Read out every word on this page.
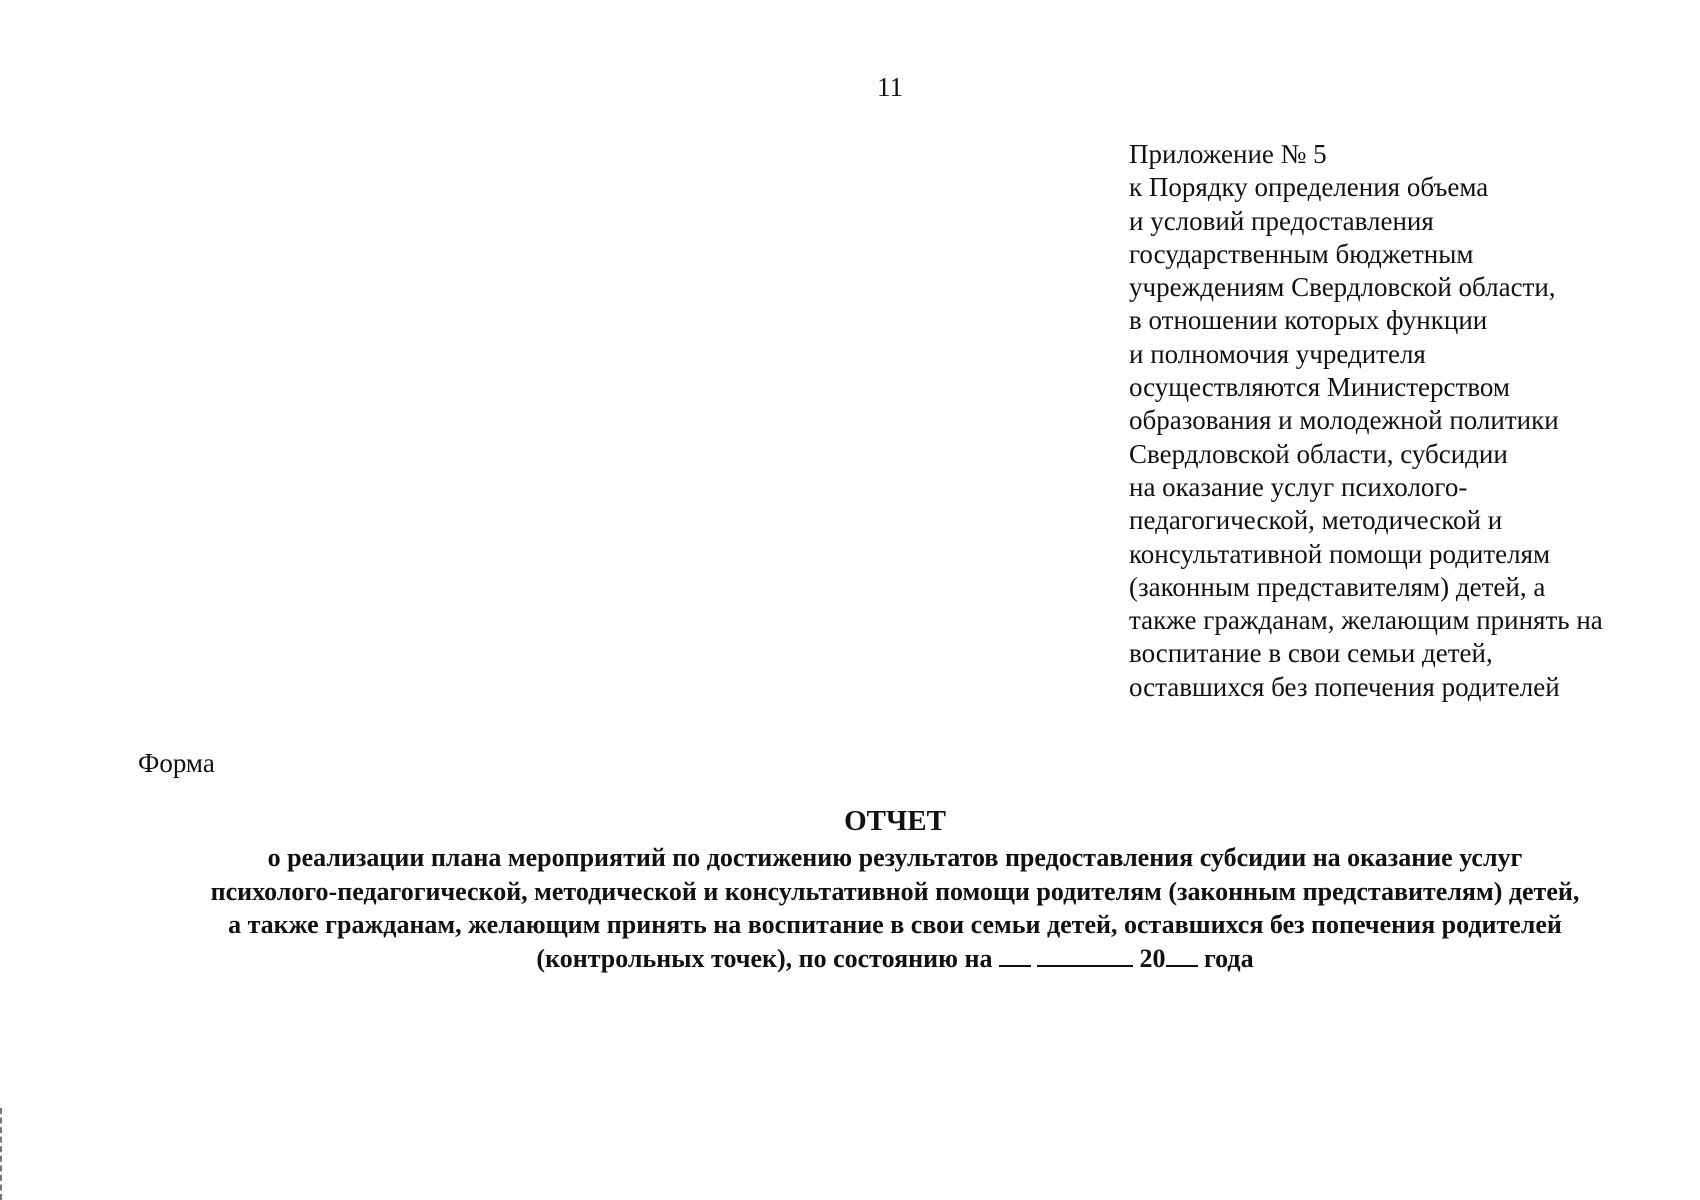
11
Приложение № 5
к Порядку определения объема
и условий предоставления
государственным бюджетным
учреждениям Свердловской области,
в отношении которых функции
и полномочия учредителя
осуществляются Министерством
образования и молодежной политики
Свердловской области, субсидии
на оказание услуг психолого-
педагогической, методической и
консультативной помощи родителям
(законным представителям) детей, а
также гражданам, желающим принять на
воспитание в свои семьи детей,
оставшихся без попечения родителей
Форма
ОТЧЕТ
о реализации плана мероприятий по достижению результатов предоставления субсидии на оказание услуг
психолого-педагогической, методической и консультативной помощи родителям (законным представителям) детей,
а также гражданам, желающим принять на воспитание в свои семьи детей, оставшихся без попечения родителей
(контрольных точек), по состоянию на	20 года
